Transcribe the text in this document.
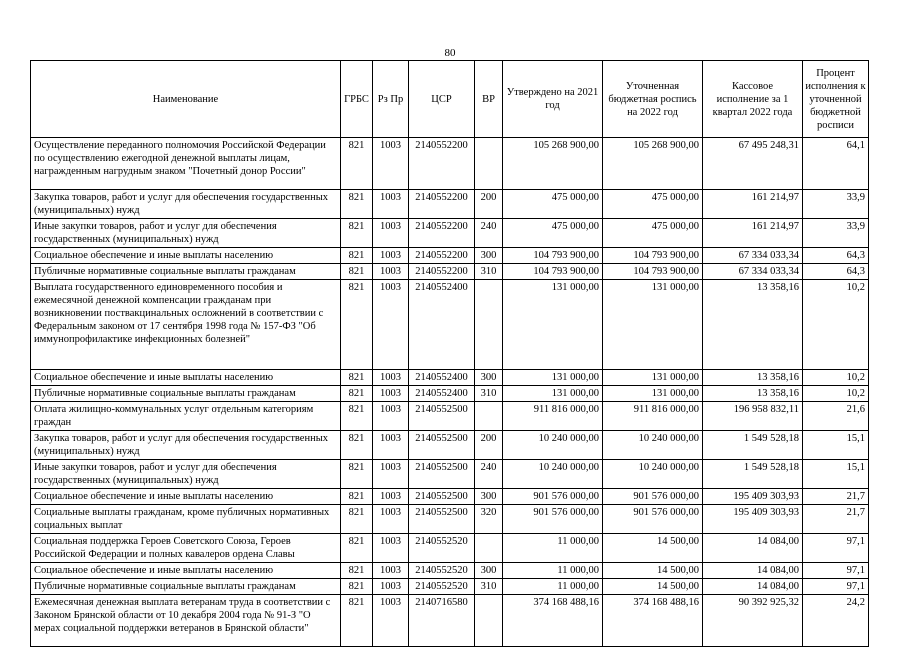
80
Наименование	ГРБС	Рз Пр	ЦСР	ВР	Утверждено на 2021 год	Уточненная бюджетная роспись на 2022 год	Кассовое исполнение за 1 квартал 2022 года	Процент исполнения к уточненной бюджетной росписи
Осуществление переданного полномочия Российской Федерации по осуществлению ежегодной денежной выплаты лицам, награжденным нагрудным знаком "Почетный донор России"	821	1003	2140552200		105 268 900,00	105 268 900,00	67 495 248,31	64,1
Закупка товаров, работ и услуг для обеспечения государственных (муниципальных) нужд	821	1003	2140552200	200	475 000,00	475 000,00	161 214,97	33,9
Иные закупки товаров, работ и услуг для обеспечения государственных (муниципальных) нужд	821	1003	2140552200	240	475 000,00	475 000,00	161 214,97	33,9
Социальное обеспечение и иные выплаты населению	821	1003	2140552200	300	104 793 900,00	104 793 900,00	67 334 033,34	64,3
Публичные нормативные социальные выплаты гражданам	821	1003	2140552200	310	104 793 900,00	104 793 900,00	67 334 033,34	64,3
Выплата государственного единовременного пособия и ежемесячной денежной компенсации гражданам при возникновении поствакцинальных осложнений в соответствии с Федеральным законом от 17 сентября 1998 года № 157-ФЗ "Об иммунопрофилактике инфекционных болезней"	821	1003	2140552400		131 000,00	131 000,00	13 358,16	10,2
Социальное обеспечение и иные выплаты населению	821	1003	2140552400	300	131 000,00	131 000,00	13 358,16	10,2
Публичные нормативные социальные выплаты гражданам	821	1003	2140552400	310	131 000,00	131 000,00	13 358,16	10,2
Оплата жилищно-коммунальных услуг отдельным категориям граждан	821	1003	2140552500		911 816 000,00	911 816 000,00	196 958 832,11	21,6
Закупка товаров, работ и услуг для обеспечения государственных (муниципальных) нужд	821	1003	2140552500	200	10 240 000,00	10 240 000,00	1 549 528,18	15,1
Иные закупки товаров, работ и услуг для обеспечения государственных (муниципальных) нужд	821	1003	2140552500	240	10 240 000,00	10 240 000,00	1 549 528,18	15,1
Социальное обеспечение и иные выплаты населению	821	1003	2140552500	300	901 576 000,00	901 576 000,00	195 409 303,93	21,7
Социальные выплаты гражданам, кроме публичных нормативных социальных выплат	821	1003	2140552500	320	901 576 000,00	901 576 000,00	195 409 303,93	21,7
Социальная поддержка Героев Советского Союза, Героев Российской Федерации и полных кавалеров ордена Славы	821	1003	2140552520		11 000,00	14 500,00	14 084,00	97,1
Социальное обеспечение и иные выплаты населению	821	1003	2140552520	300	11 000,00	14 500,00	14 084,00	97,1
Публичные нормативные социальные выплаты гражданам	821	1003	2140552520	310	11 000,00	14 500,00	14 084,00	97,1
Ежемесячная денежная выплата ветеранам труда в соответствии с Законом Брянской области от 10 декабря 2004 года № 91-З "О мерах социальной поддержки ветеранов в Брянской области"	821	1003	2140716580		374 168 488,16	374 168 488,16	90 392 925,32	24,2
